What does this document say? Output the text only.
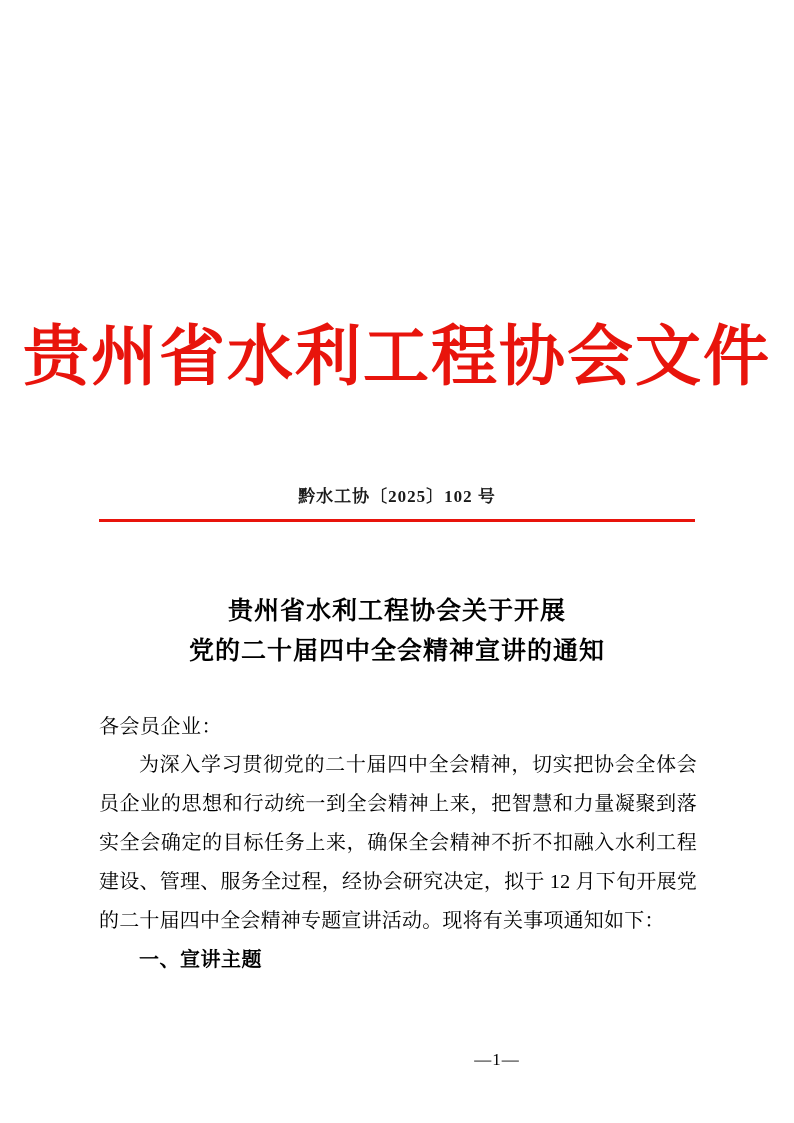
贵州省水利工程协会文件
黔水工协〔2025〕102 号
贵州省水利工程协会关于开展
党的二十届四中全会精神宣讲的通知
各会员企业：
为深入学习贯彻党的二十届四中全会精神，切实把协会全体会员企业的思想和行动统一到全会精神上来，把智慧和力量凝聚到落实全会确定的目标任务上来，确保全会精神不折不扣融入水利工程建设、管理、服务全过程，经协会研究决定，拟于 12 月下旬开展党的二十届四中全会精神专题宣讲活动。现将有关事项通知如下：
一、宣讲主题
—1—
